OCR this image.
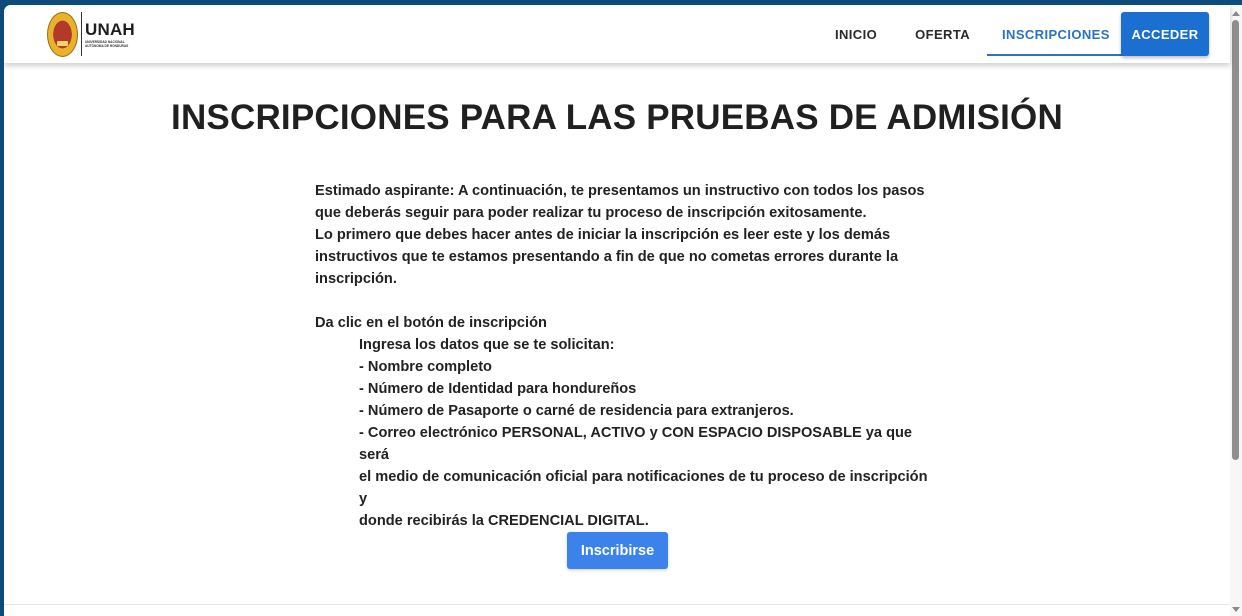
UNAH
UNIVERSIDAD NACIONAL AUTÓNOMA DE HONDURAS
INICIO	OFERTA	INSCRIPCIONES	ACCEDER
INSCRIPCIONES PARA LAS PRUEBAS DE ADMISIÓN

Estimado aspirante: A continuación, te presentamos un instructivo con todos los pasos

que deberás seguir para poder realizar tu proceso de inscripción exitosamente.

Lo primero que debes hacer antes de iniciar la inscripción es leer este y los demás

instructivos que te estamos presentando a fin de que no cometas errores durante la

inscripción.

Da clic en el botón de inscripción

Ingresa los datos que se te solicitan:

- Nombre completo

- Número de Identidad para hondureños

- Número de Pasaporte o carné de residencia para extranjeros.

- Correo electrónico PERSONAL, ACTIVO y CON ESPACIO DISPOSABLE ya que será

el medio de comunicación oficial para notificaciones de tu proceso de inscripción y

donde recibirás la CREDENCIAL DIGITAL.

Inscribirse
